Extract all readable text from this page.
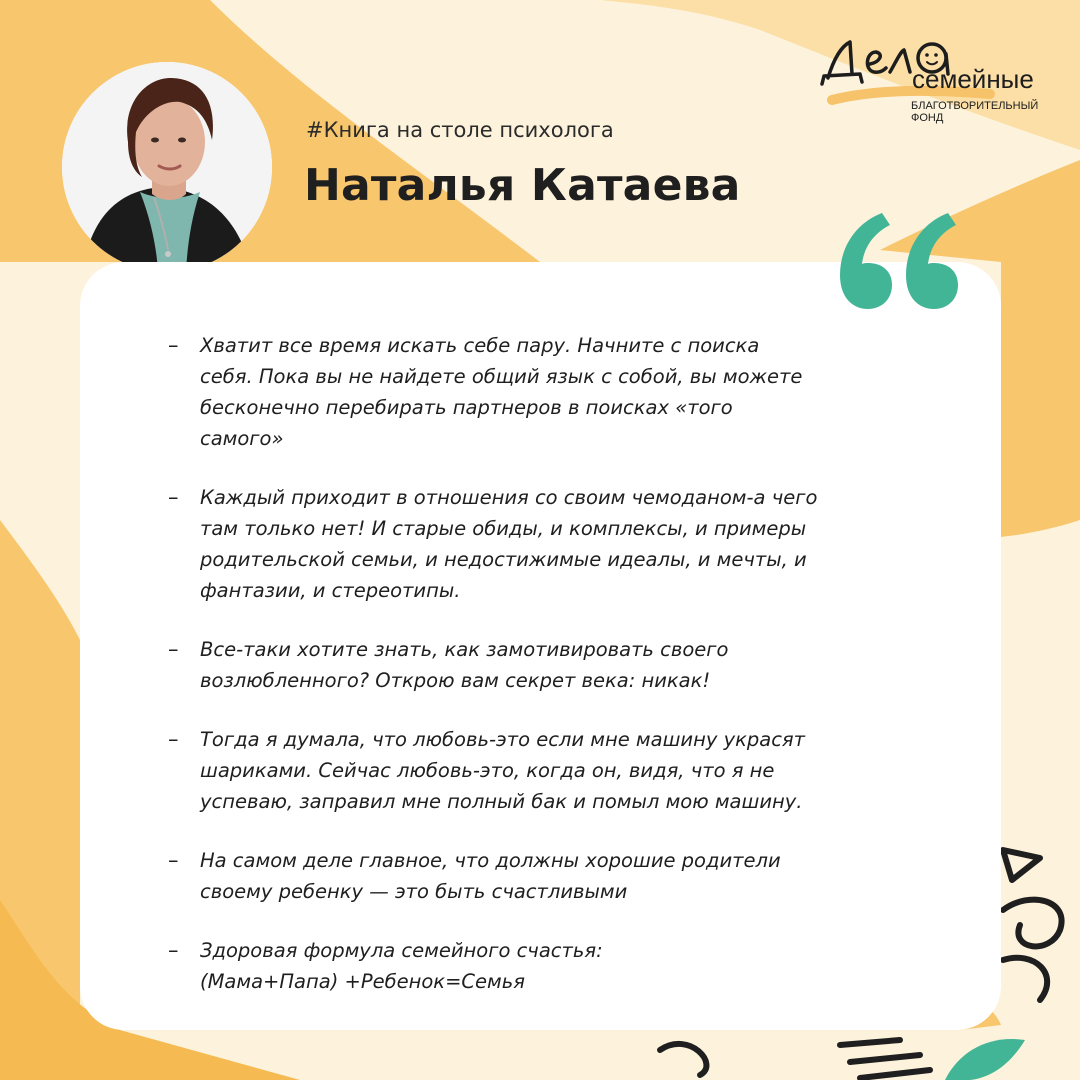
#Книга на столе психолога
Наталья Катаева
семейные
БЛАГОТВОРИТЕЛЬНЫЙ
ФОНД
– Хватит все время искать себе пару. Начните с поиска
себя. Пока вы не найдете общий язык с собой, вы можете
бесконечно перебирать партнеров в поисках «того
самого»
– Каждый приходит в отношения со своим чемоданом-а чего
там только нет! И старые обиды, и комплексы, и примеры
родительской семьи, и недостижимые идеалы, и мечты, и
фантазии, и стереотипы.
– Все-таки хотите знать, как замотивировать своего
возлюбленного? Открою вам секрет века: никак!
– Тогда я думала, что любовь-это если мне машину украсят
шариками. Сейчас любовь-это, когда он, видя, что я не
успеваю, заправил мне полный бак и помыл мою машину.
– На самом деле главное, что должны хорошие родители
своему ребенку — это быть счастливыми
– Здоровая формула семейного счастья:
(Мама+Папа) +Ребенок=Семья
